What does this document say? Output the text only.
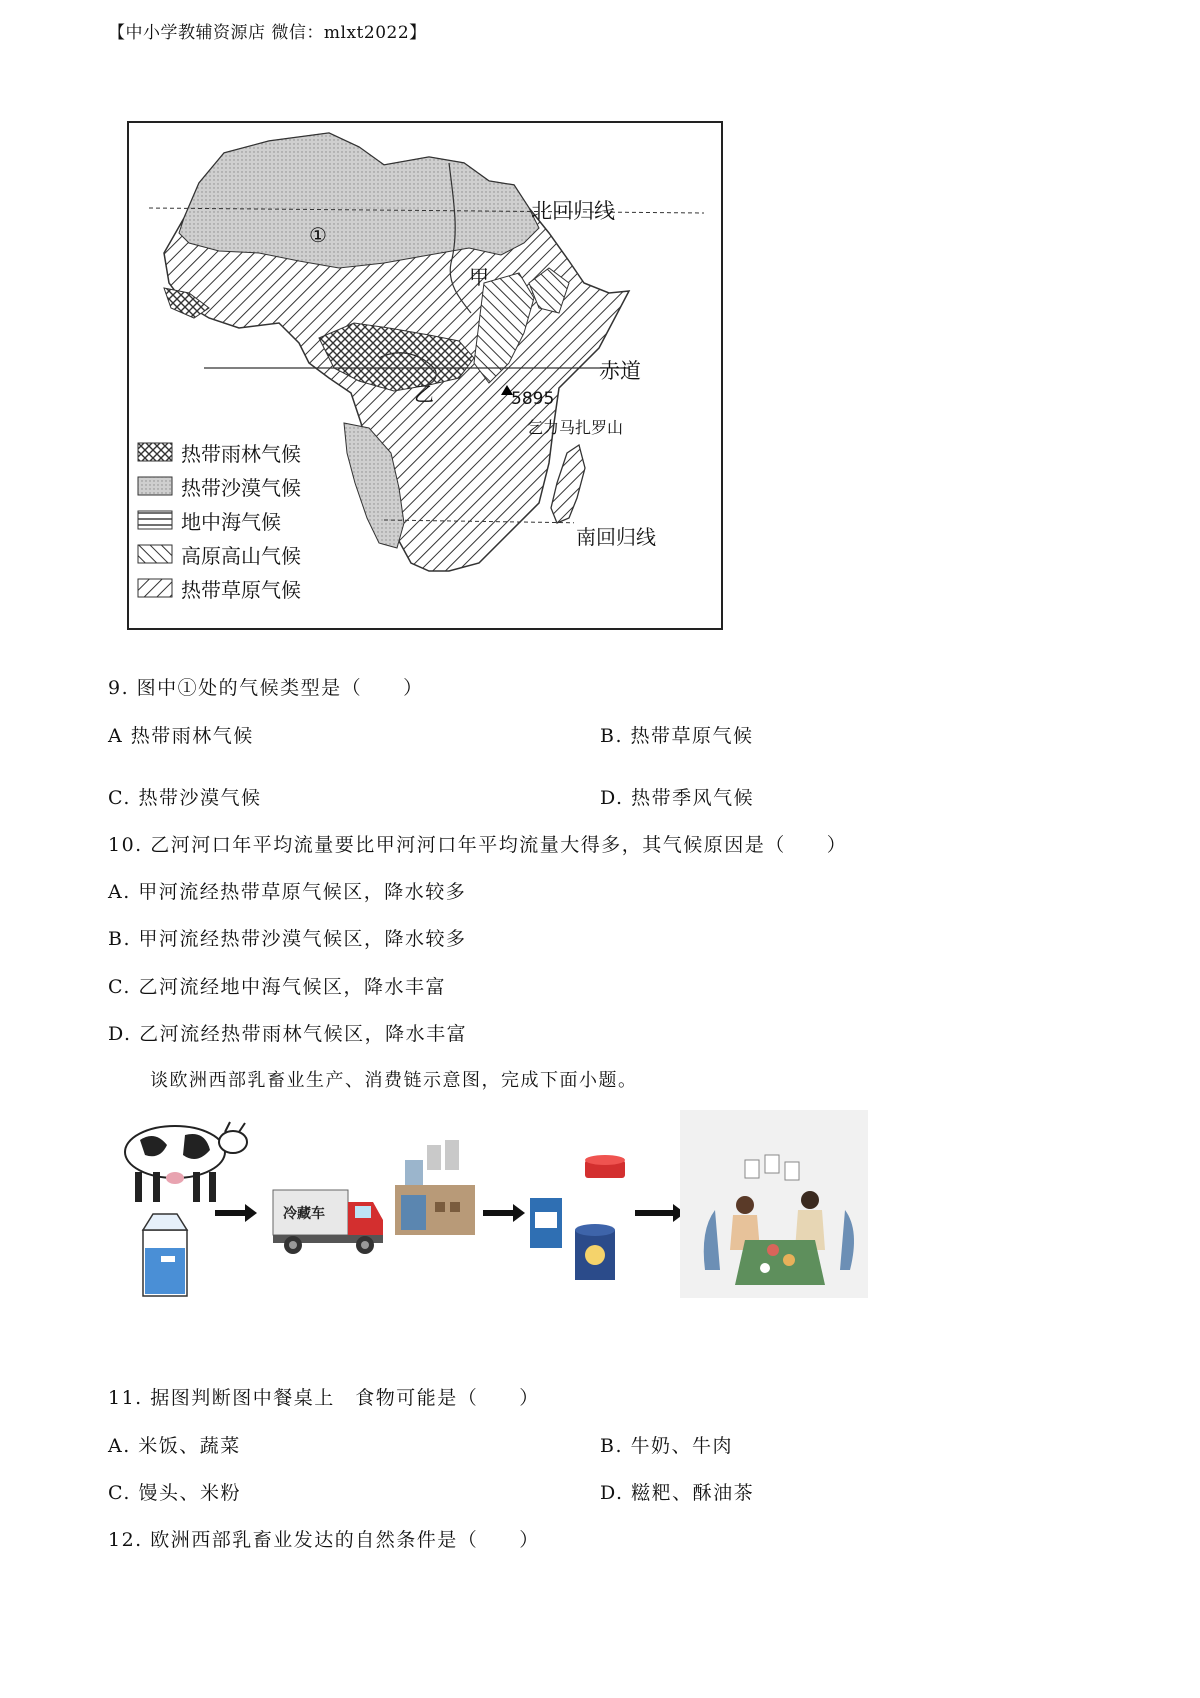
【中小学教辅资源店 微信：mlxt2022】
北回归线
①
甲
赤道
乙	5895
乞力马扎罗山
南回归线
热带雨林气候
热带沙漠气候
地中海气候
高原高山气候
热带草原气候
9. 图中①处的气候类型是（　　）
A 热带雨林气候	B. 热带草原气候
C. 热带沙漠气候	D. 热带季风气候
10. 乙河河口年平均流量要比甲河河口年平均流量大得多，其气候原因是（　　）
A. 甲河流经热带草原气候区，降水较多
B. 甲河流经热带沙漠气候区，降水较多
C. 乙河流经地中海气候区，降水丰富
D. 乙河流经热带雨林气候区，降水丰富
谈欧洲西部乳畜业生产、消费链示意图，完成下面小题。
冷藏车
11. 据图判断图中餐桌上　食物可能是（　　）
A. 米饭、蔬菜	B. 牛奶、牛肉
C. 馒头、米粉	D. 糍粑、酥油茶
12. 欧洲西部乳畜业发达的自然条件是（　　）
